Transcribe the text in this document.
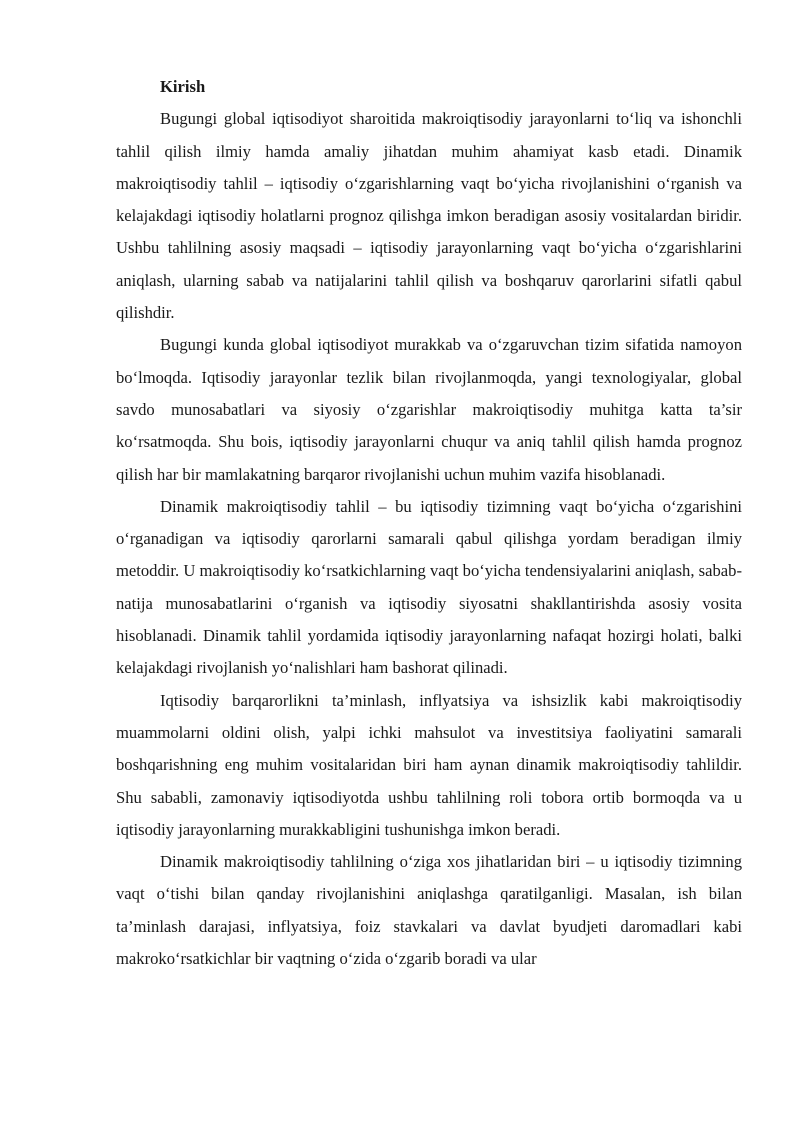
Kirish

Bugungi global iqtisodiyot sharoitida makroiqtisodiy jarayonlarni to‘liq va ishonchli tahlil qilish ilmiy hamda amaliy jihatdan muhim ahamiyat kasb etadi. Dinamik makroiqtisodiy tahlil – iqtisodiy o‘zgarishlarning vaqt bo‘yicha rivojlanishini o‘rganish va kelajakdagi iqtisodiy holatlarni prognoz qilishga imkon beradigan asosiy vositalardan biridir. Ushbu tahlilning asosiy maqsadi – iqtisodiy jarayonlarning vaqt bo‘yicha o‘zgarishlarini aniqlash, ularning sabab va natijalarini tahlil qilish va boshqaruv qarorlarini sifatli qabul qilishdir.

Bugungi kunda global iqtisodiyot murakkab va o‘zgaruvchan tizim sifatida namoyon bo‘lmoqda. Iqtisodiy jarayonlar tezlik bilan rivojlanmoqda, yangi texnologiyalar, global savdo munosabatlari va siyosiy o‘zgarishlar makroiqtisodiy muhitga katta ta’sir ko‘rsatmoqda. Shu bois, iqtisodiy jarayonlarni chuqur va aniq tahlil qilish hamda prognoz qilish har bir mamlakatning barqaror rivojlanishi uchun muhim vazifa hisoblanadi.

Dinamik makroiqtisodiy tahlil – bu iqtisodiy tizimning vaqt bo‘yicha o‘zgarishini o‘rganadigan va iqtisodiy qarorlarni samarali qabul qilishga yordam beradigan ilmiy metoddir. U makroiqtisodiy ko‘rsatkichlarning vaqt bo‘yicha tendensiyalarini aniqlash, sabab-natija munosabatlarini o‘rganish va iqtisodiy siyosatni shakllantirishda asosiy vosita hisoblanadi. Dinamik tahlil yordamida iqtisodiy jarayonlarning nafaqat hozirgi holati, balki kelajakdagi rivojlanish yo‘nalishlari ham bashorat qilinadi.

Iqtisodiy barqarorlikni ta’minlash, inflyatsiya va ishsizlik kabi makroiqtisodiy muammolarni oldini olish, yalpi ichki mahsulot va investitsiya faoliyatini samarali boshqarishning eng muhim vositalaridan biri ham aynan dinamik makroiqtisodiy tahlildir. Shu sababli, zamonaviy iqtisodiyotda ushbu tahlilning roli tobora ortib bormoqda va u iqtisodiy jarayonlarning murakkabligini tushunishga imkon beradi.

Dinamik makroiqtisodiy tahlilning o‘ziga xos jihatlaridan biri – u iqtisodiy tizimning vaqt o‘tishi bilan qanday rivojlanishini aniqlashga qaratilganligi. Masalan, ish bilan ta’minlash darajasi, inflyatsiya, foiz stavkalari va davlat byudjeti daromadlari kabi makroko‘rsatkichlar bir vaqtning o‘zida o‘zgarib boradi va ular
